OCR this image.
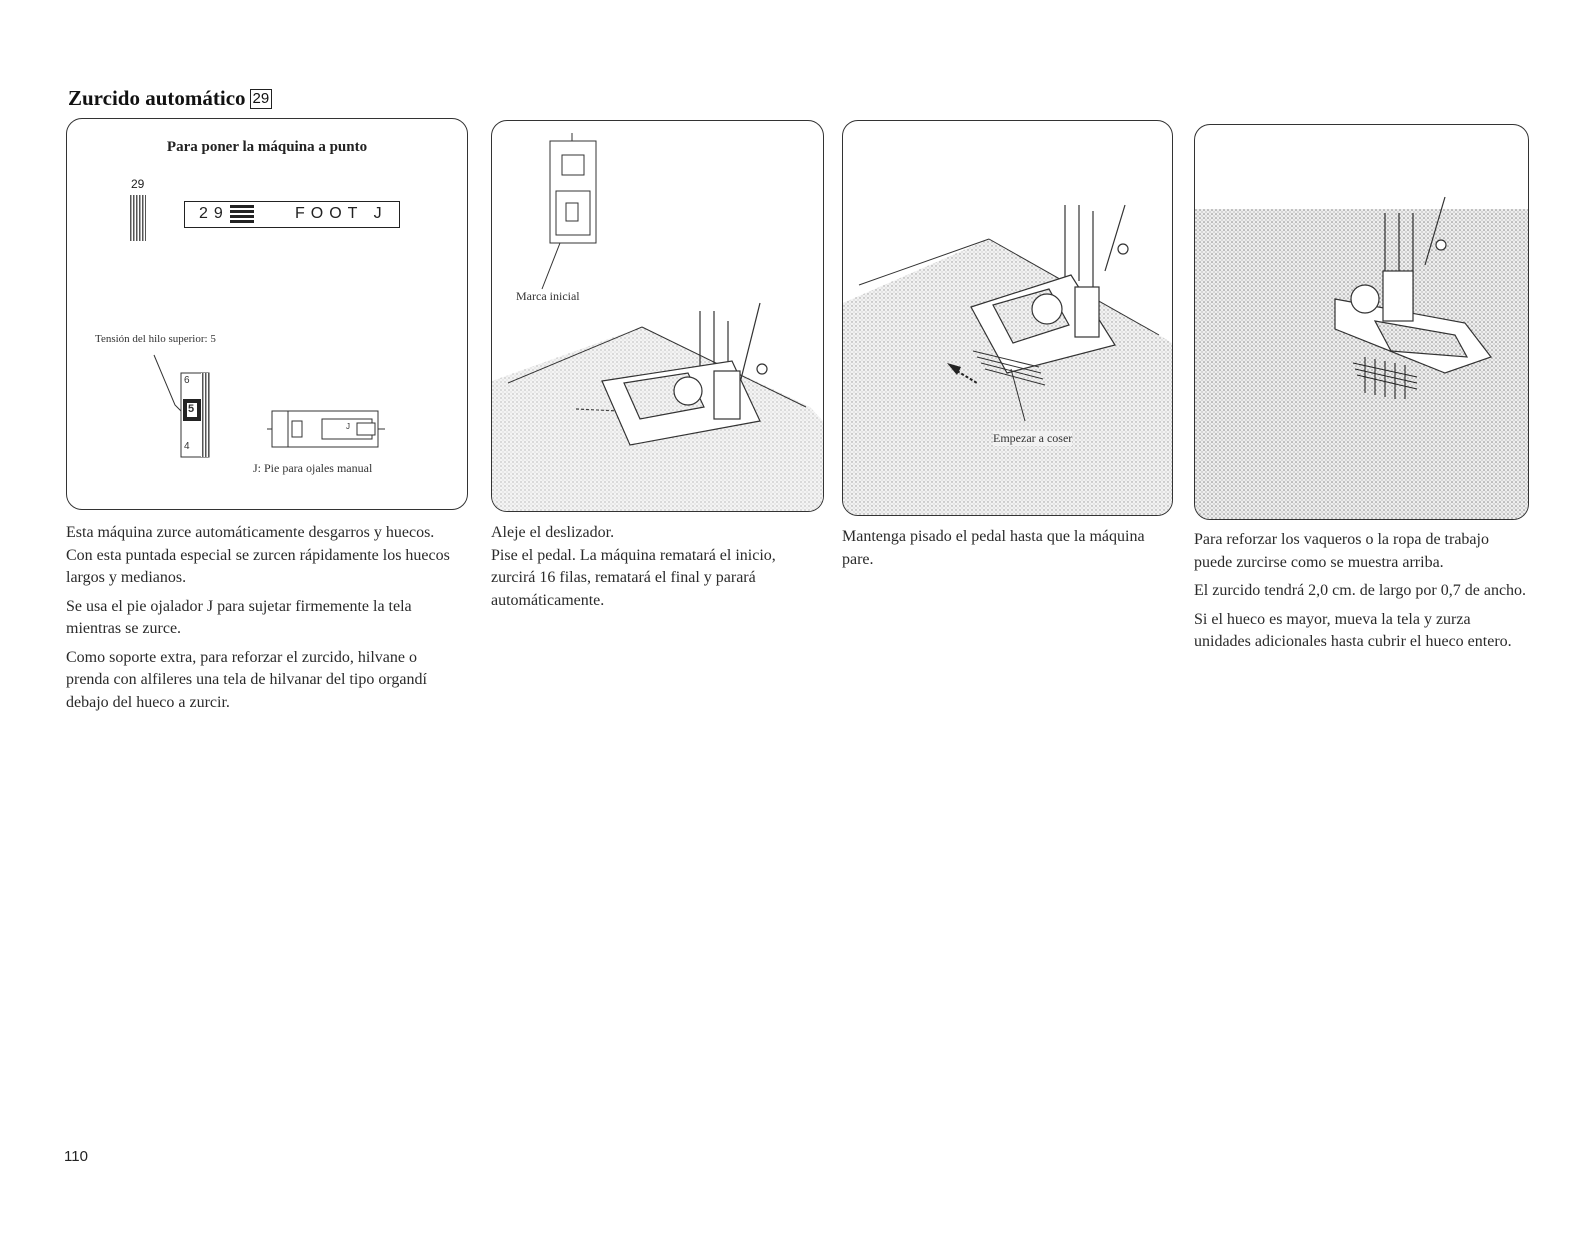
Zurcido automático 29
Para poner la máquina a punto
29
29	FOOT J
Tensión del hilo superior: 5
6
5
4
J
J: Pie para ojales manual
Marca inicial
Empezar a coser

Esta máquina zurce automáticamente desgarros y huecos. Con esta puntada especial se zurcen rápidamente los huecos largos y medianos.

Se usa el pie ojalador J para sujetar firmemente la tela mientras se zurce.

Como soporte extra, para reforzar el zurcido, hilvane o prenda con alfileres una tela de hilvanar del tipo organdí debajo del hueco a zurcir.

Aleje el deslizador.

Pise el pedal. La máquina rematará el inicio, zurcirá 16 filas, rematará el final y parará automáticamente.

Mantenga pisado el pedal hasta que la máquina pare.

Para reforzar los vaqueros o la ropa de trabajo puede zurcirse como se muestra arriba.

El zurcido tendrá 2,0 cm. de largo por 0,7 de ancho.

Si el hueco es mayor, mueva la tela y zurza unidades adicionales hasta cubrir el hueco entero.

110
